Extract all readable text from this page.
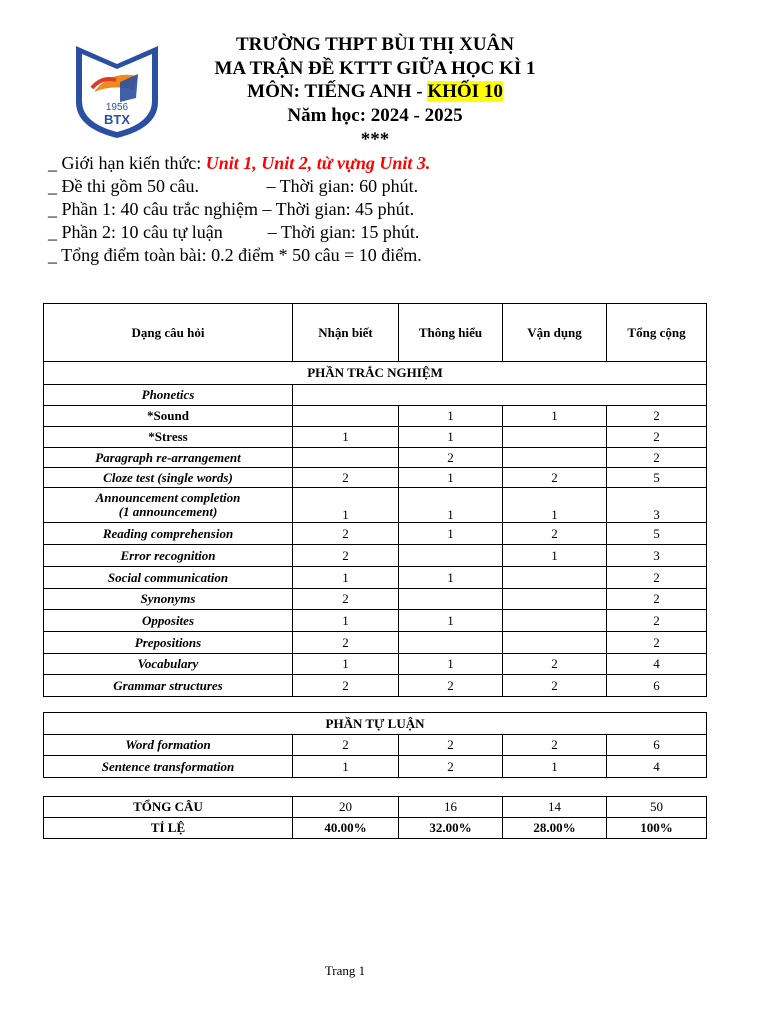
1956
BTX
TRƯỜNG THPT BÙI THỊ XUÂN
MA TRẬN ĐỀ KTTT GIỮA HỌC KÌ 1
MÔN: TIẾNG ANH - KHỐI 10
Năm học: 2024 - 2025
***
_ Giới hạn kiến thức: Unit 1, Unit 2, từ vựng Unit 3.
_ Đề thi gồm 50 câu.               – Thời gian: 60 phút.
_ Phần 1: 40 câu trắc nghiệm – Thời gian: 45 phút.
_ Phần 2: 10 câu tự luận          – Thời gian: 15 phút.
_ Tổng điểm toàn bài: 0.2 điểm * 50 câu = 10 điểm.
Dạng câu hỏi	Nhận biết	Thông hiểu	Vận dụng	Tổng cộng
PHẦN TRẮC NGHIỆM				
Phonetics				
*Sound		1	1	2
*Stress	1	1		2
Paragraph re-arrangement		2		2
Cloze test (single words)	2	1	2	5
Announcement completion
(1 announcement)	1	1	1	3
Reading comprehension	2	1	2	5
Error recognition	2		1	3
Social communication	1	1		2
Synonyms	2			2
Opposites	1	1		2
Prepositions	2			2
Vocabulary	1	1	2	4
Grammar structures	2	2	2	6
PHẦN TỰ LUẬN				
Word formation	2	2	2	6
Sentence transformation	1	2	1	4
TỔNG CÂU	20	16	14	50
TỈ LỆ	40.00%	32.00%	28.00%	100%
Trang 1
